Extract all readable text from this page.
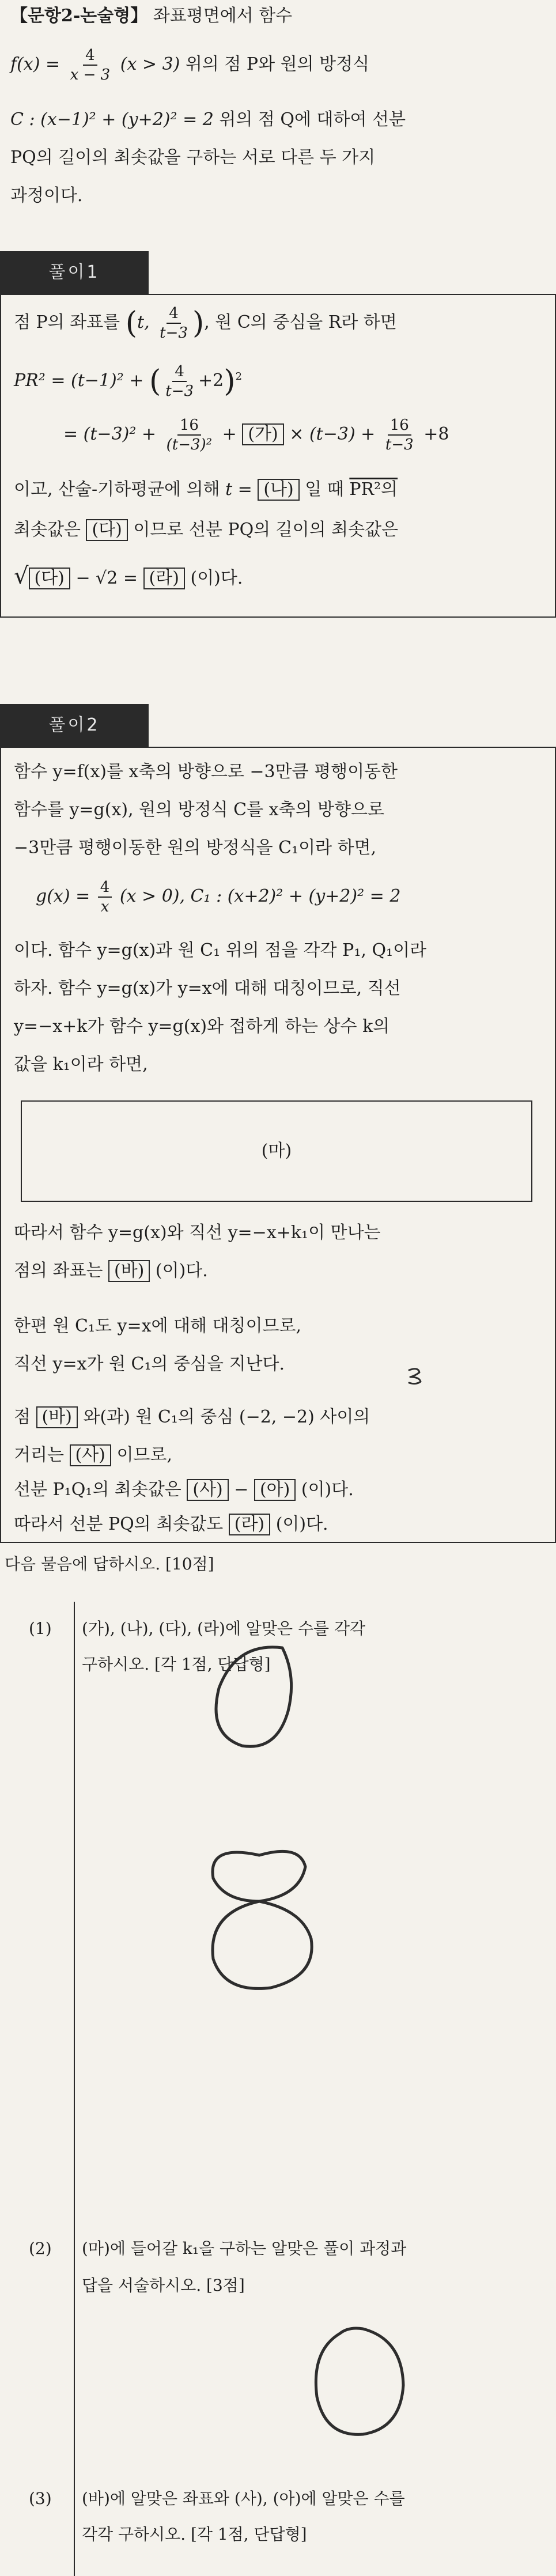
【문항2-논술형】 좌표평면에서 함수
$f(x) = \frac{4}{x - 3} (x > 3)$ 위의 점 P와 원의 방정식
C : (x−1)² + (y+2)² = 2 위의 점 Q에 대하여 선분
PQ의 길이의 최솟값을 구하는 서로 다른 두 가지
과정이다.
풀이1
점 P의 좌표를 (t, $\frac{4}{t-3}$ ), 원 C의 중심을 R라 하면
PR² = (t−1)² + ( $\frac{4}{t-3} +2)^2$
= $(t-3)^2 + \frac{16}{\text{(t−3)²}}$ + (가) × $(t-3) + \frac{16}{t-3} +8$
이고, 산술-기하평균에 의해 t = (나) 일 때 PR²의
최솟값은 (다) 이므로 선분 PQ의 길이의 최솟값은
√ (다) − √2 = (라) (이)다.
풀이2
함수 y=f(x)를 x축의 방향으로 −3만큼 평행이동한
함수를 y=g(x), 원의 방정식 C를 x축의 방향으로
−3만큼 평행이동한 원의 방정식을 C₁이라 하면,
$g(x) = \frac{4}{x} (x > 0)$, C₁ : (x+2)² + (y+2)² = 2
이다. 함수 y=g(x)과 원 C₁ 위의 점을 각각 P₁, Q₁이라
하자. 함수 y=g(x)가 y=x에 대해 대칭이므로, 직선
y=−x+k가 함수 y=g(x)와 접하게 하는 상수 k의
값을 k₁이라 하면,
(마)
따라서 함수 y=g(x)와 직선 y=−x+k₁이 만나는
점의 좌표는 (바) (이)다.
한편 원 C₁도 y=x에 대해 대칭이므로,
직선 y=x가 원 C₁의 중심을 지난다.
점 (바) 와(과) 원 C₁의 중심 (−2, −2) 사이의
거리는 (사) 이므로,
선분 P₁Q₁의 최솟값은 (사) − (아) (이)다.
따라서 선분 PQ의 최솟값도 (라) (이)다.
다음 물음에 답하시오. [10점]
(1) (가), (나), (다), (라)에 알맞은 수를 각각
구하시오. [각 1점, 단답형]
(2) (마)에 들어갈 k₁을 구하는 알맞은 풀이 과정과
답을 서술하시오. [3점]
(3) (바)에 알맞은 좌표와 (사), (아)에 알맞은 수를
각각 구하시오. [각 1점, 단답형]
